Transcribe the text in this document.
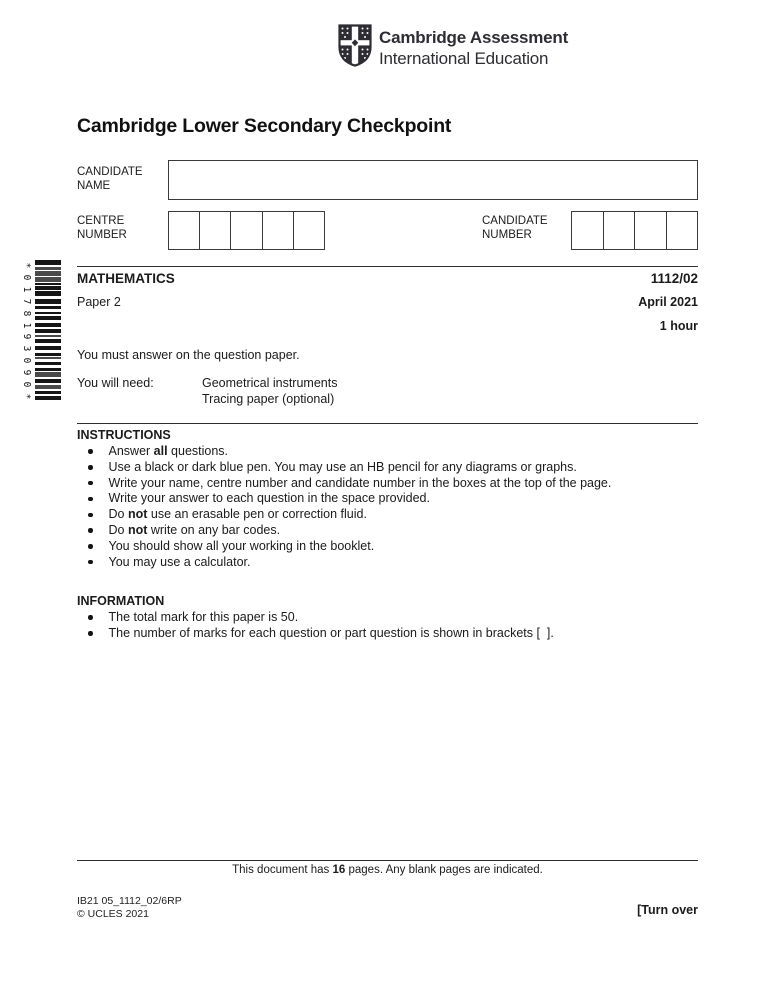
Cambridge Assessment
International Education
*
0
1
7
8
1
9
3
0
9
0
*
Cambridge Lower Secondary Checkpoint
CANDIDATE
NAME
CENTRE
NUMBER
CANDIDATE
NUMBER
MATHEMATICS	1112/02
Paper 2	April 2021
1 hour
You must answer on the question paper.
You will need:	Geometrical instruments
Tracing paper (optional)
INSTRUCTIONS
Answer all questions.
Use a black or dark blue pen. You may use an HB pencil for any diagrams or graphs.
Write your name, centre number and candidate number in the boxes at the top of the page.
Write your answer to each question in the space provided.
Do not use an erasable pen or correction fluid.
Do not write on any bar codes.
You should show all your working in the booklet.
You may use a calculator.
INFORMATION
The total mark for this paper is 50.
The number of marks for each question or part question is shown in brackets [  ].
This document has 16 pages. Any blank pages are indicated.
IB21 05_1112_02/6RP
© UCLES 2021	[Turn over
